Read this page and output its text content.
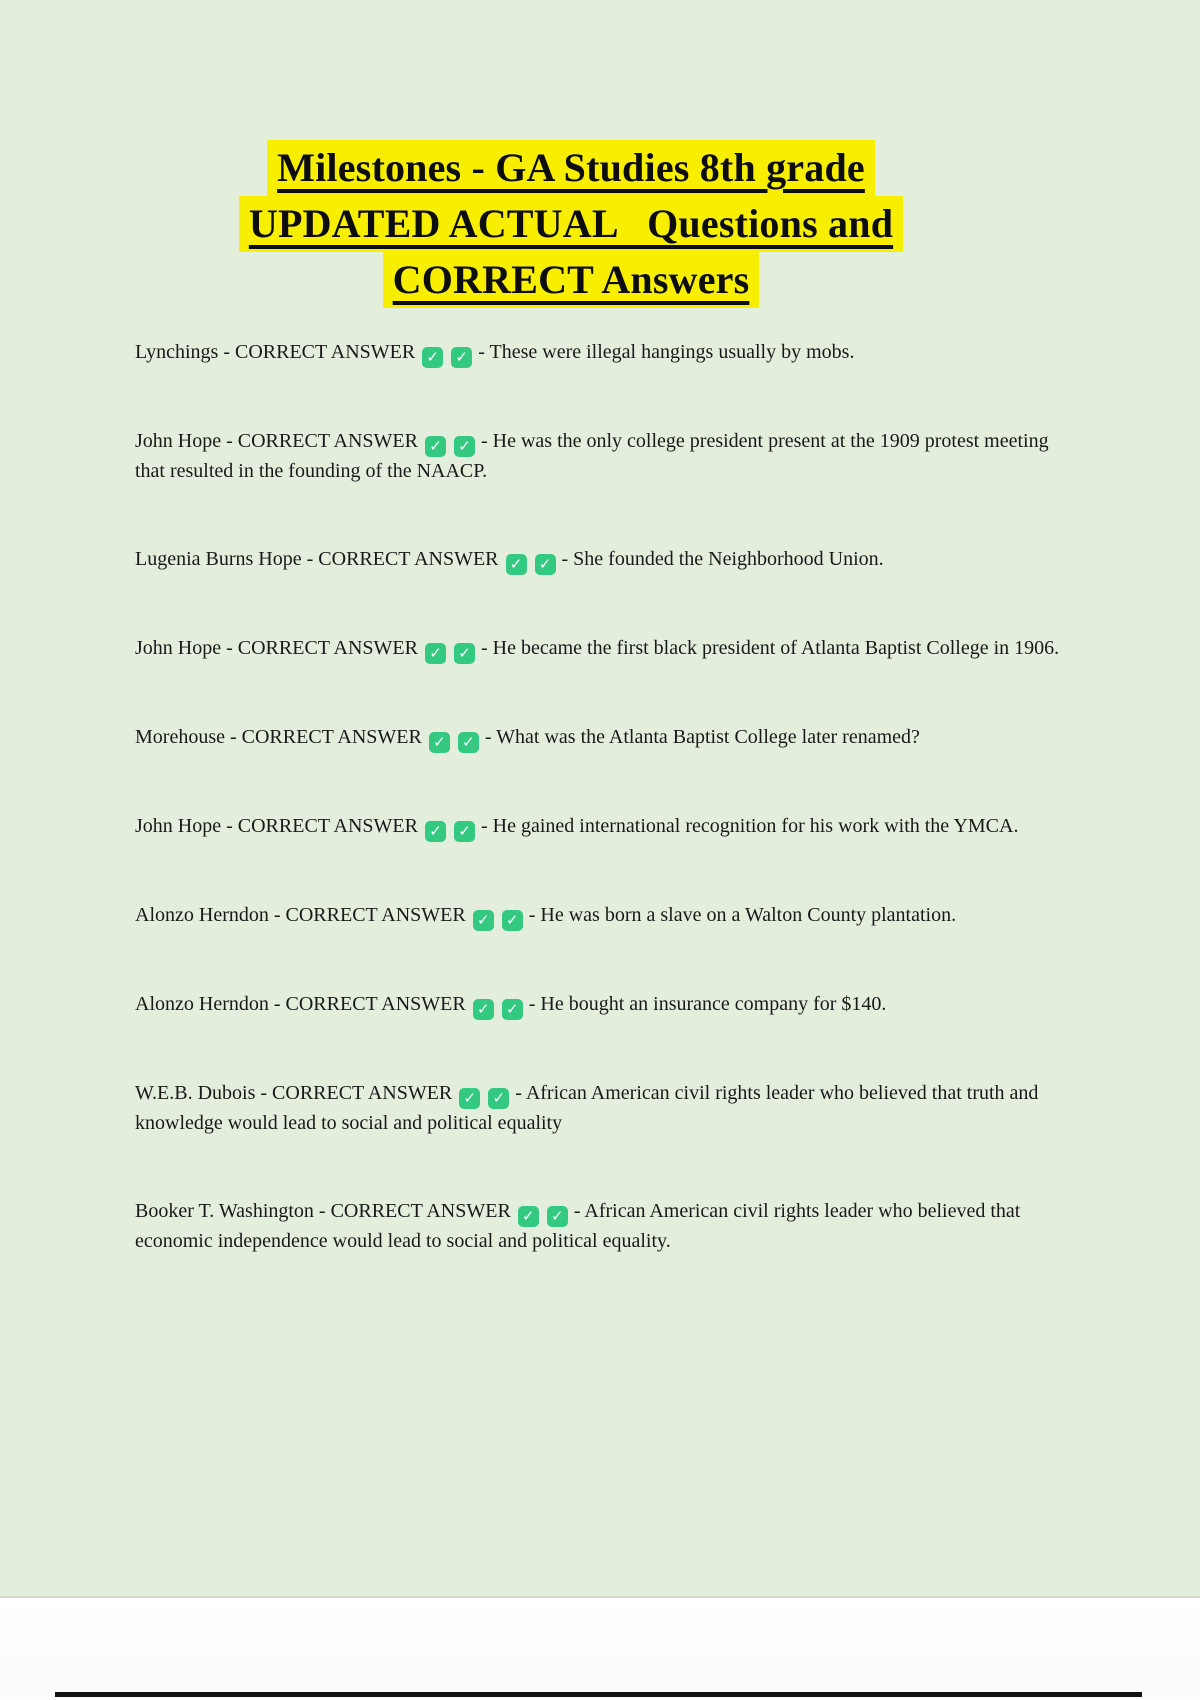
Milestones - GA Studies 8th grade
UPDATED ACTUAL   Questions and
CORRECT Answers

Lynchings - CORRECT ANSWER ✓ ✓ - These were illegal hangings usually by mobs.

John Hope - CORRECT ANSWER ✓ ✓ - He was the only college president present at the 1909 protest meeting that resulted in the founding of the NAACP.

Lugenia Burns Hope - CORRECT ANSWER ✓ ✓ - She founded the Neighborhood Union.

John Hope - CORRECT ANSWER ✓ ✓ - He became the first black president of Atlanta Baptist College in 1906.

Morehouse - CORRECT ANSWER ✓ ✓ - What was the Atlanta Baptist College later renamed?

John Hope - CORRECT ANSWER ✓ ✓ - He gained international recognition for his work with the YMCA.

Alonzo Herndon - CORRECT ANSWER ✓ ✓ - He was born a slave on a Walton County plantation.

Alonzo Herndon - CORRECT ANSWER ✓ ✓ - He bought an insurance company for $140.

W.E.B. Dubois - CORRECT ANSWER ✓ ✓ - African American civil rights leader who believed that truth and knowledge would lead to social and political equality

Booker T. Washington - CORRECT ANSWER ✓ ✓ - African American civil rights leader who believed that economic independence would lead to social and political equality.
